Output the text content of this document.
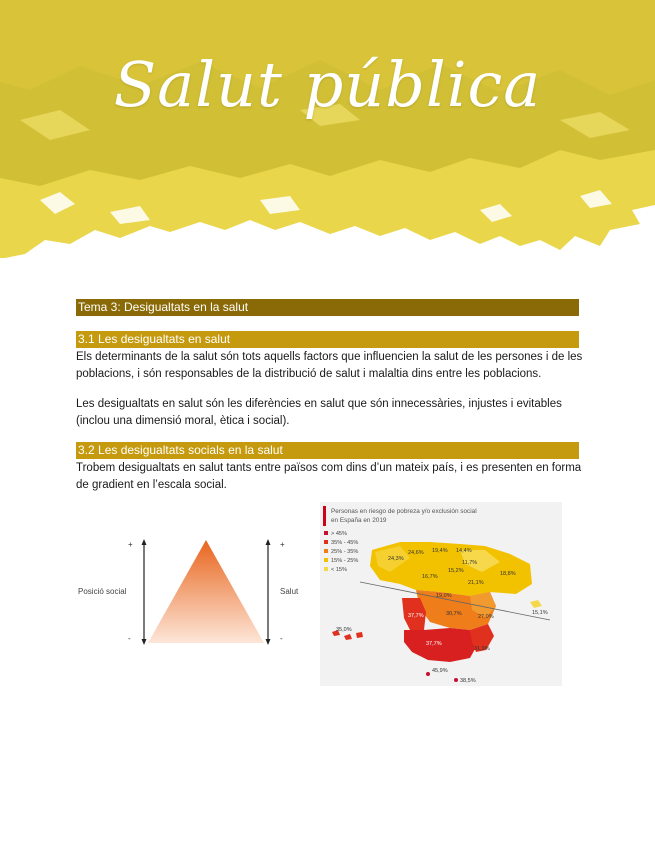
Salut pública
Tema 3: Desigualtats en la salut
3.1 Les desigualtats en salut
Els determinants de la salut són tots aquells factors que influencien la salut de les persones i de les poblacions, i són responsables de la distribució de salut i malaltia dins entre les poblacions.
Les desigualtats en salut són les diferències en salut que són innecessàries, injustes i evitables (inclou una dimensió moral, ètica i social).
3.2 Les desigualtats socials en la salut
Trobem desigualtats en salut tants entre països com dins d’un mateix país, i es presenten en forma de gradient en l’escala social.
+
-
Posició social
+
-
Salut
Personas en riesgo de pobreza y/o exclusión social
en España en 2019
> 45%
35% - 45%
25% - 35%
15% - 25%
< 15%
19,4% 14,4%
24,6%
24,3%
11,7%
15,2%
16,7%	18,8%
21,1%
19,0%
15,1%
37,7%	30,7%	27,0%
35,0%
37,7%
31,9%
45,9%
38,5%
